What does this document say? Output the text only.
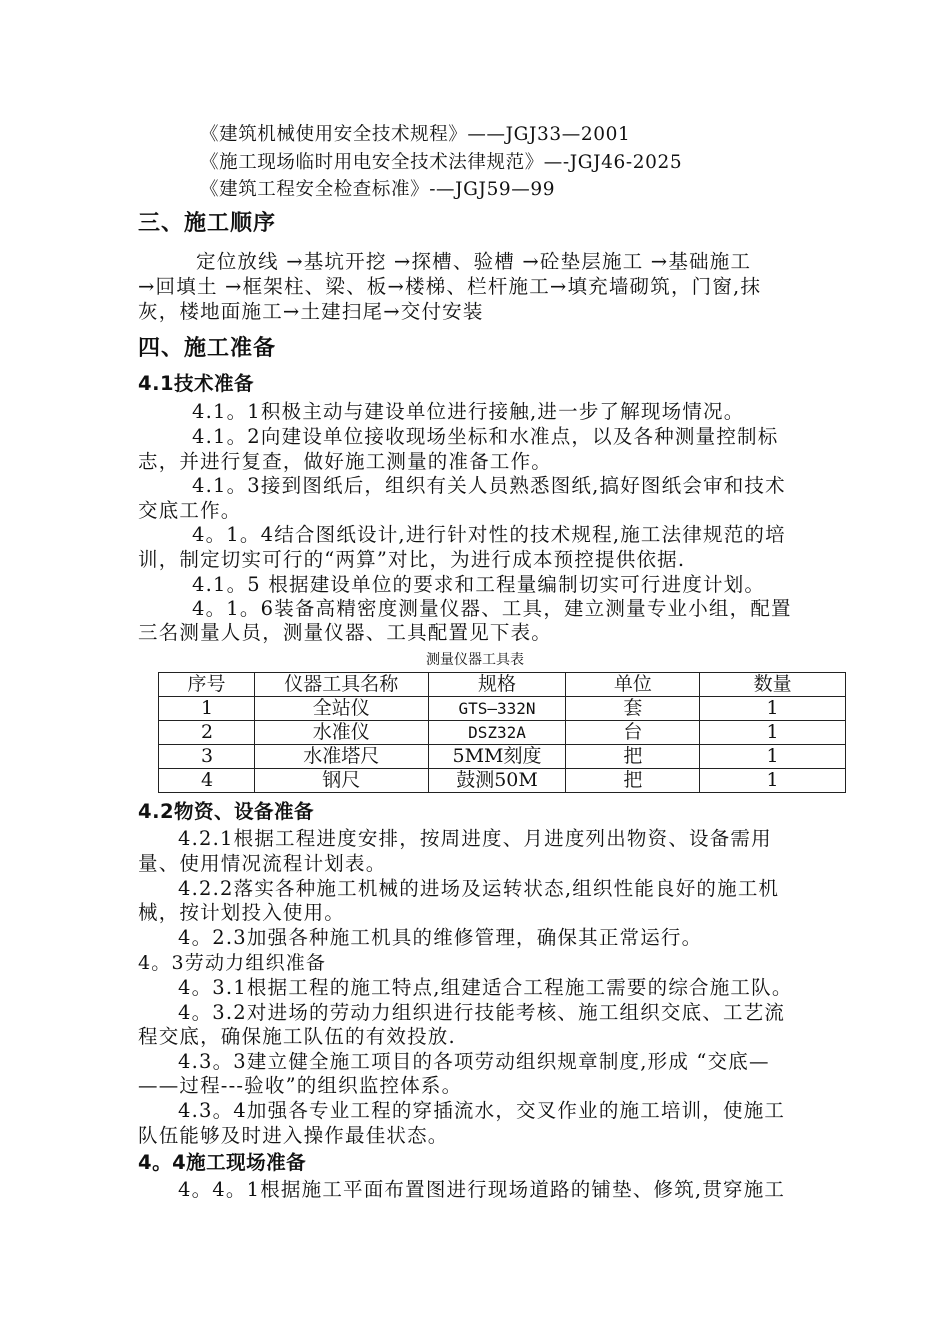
《建筑机械使用安全技术规程》——JGJ33—2001
《施工现场临时用电安全技术法律规范》—-JGJ46-2025
《建筑工程安全检查标准》-—JGJ59—99
三、施工顺序
定位放线 →基坑开挖 →探槽、验槽 →砼垫层施工 →基础施工
→回填土 →框架柱、梁、板→楼梯、栏杆施工→填充墙砌筑，门窗,抹
灰，楼地面施工→土建扫尾→交付安装
四、施工准备
4.1技术准备
4.1。1积极主动与建设单位进行接触,进一步了解现场情况。
4.1。2向建设单位接收现场坐标和水准点，以及各种测量控制标
志，并进行复查，做好施工测量的准备工作。
4.1。3接到图纸后，组织有关人员熟悉图纸,搞好图纸会审和技术
交底工作。
4。1。4结合图纸设计,进行针对性的技术规程,施工法律规范的培
训，制定切实可行的“两算”对比，为进行成本预控提供依据.
4.1。5 根据建设单位的要求和工程量编制切实可行进度计划。
4。1。6装备高精密度测量仪器、工具，建立测量专业小组，配置
三名测量人员，测量仪器、工具配置见下表。
测量仪器工具表
序号	仪器工具名称	规格	单位	数量
1	全站仪	GTS—332N	套	1
2	水准仪	DSZ32A	台	1
3	水准塔尺	5MM刻度	把	1
4	钢尺	鼓测50M	把	1
4.2物资、设备准备
4.2.1根据工程进度安排，按周进度、月进度列出物资、设备需用
量、使用情况流程计划表。
4.2.2落实各种施工机械的进场及运转状态,组织性能良好的施工机
械，按计划投入使用。
4。2.3加强各种施工机具的维修管理，确保其正常运行。
4。3劳动力组织准备
4。3.1根据工程的施工特点,组建适合工程施工需要的综合施工队。
4。3.2对进场的劳动力组织进行技能考核、施工组织交底、工艺流
程交底，确保施工队伍的有效投放.
4.3。3建立健全施工项目的各项劳动组织规章制度,形成 “交底—
——过程---验收”的组织监控体系。
4.3。4加强各专业工程的穿插流水，交叉作业的施工培训，使施工
队伍能够及时进入操作最佳状态。
4。4施工现场准备
4。4。1根据施工平面布置图进行现场道路的铺垫、修筑,贯穿施工
